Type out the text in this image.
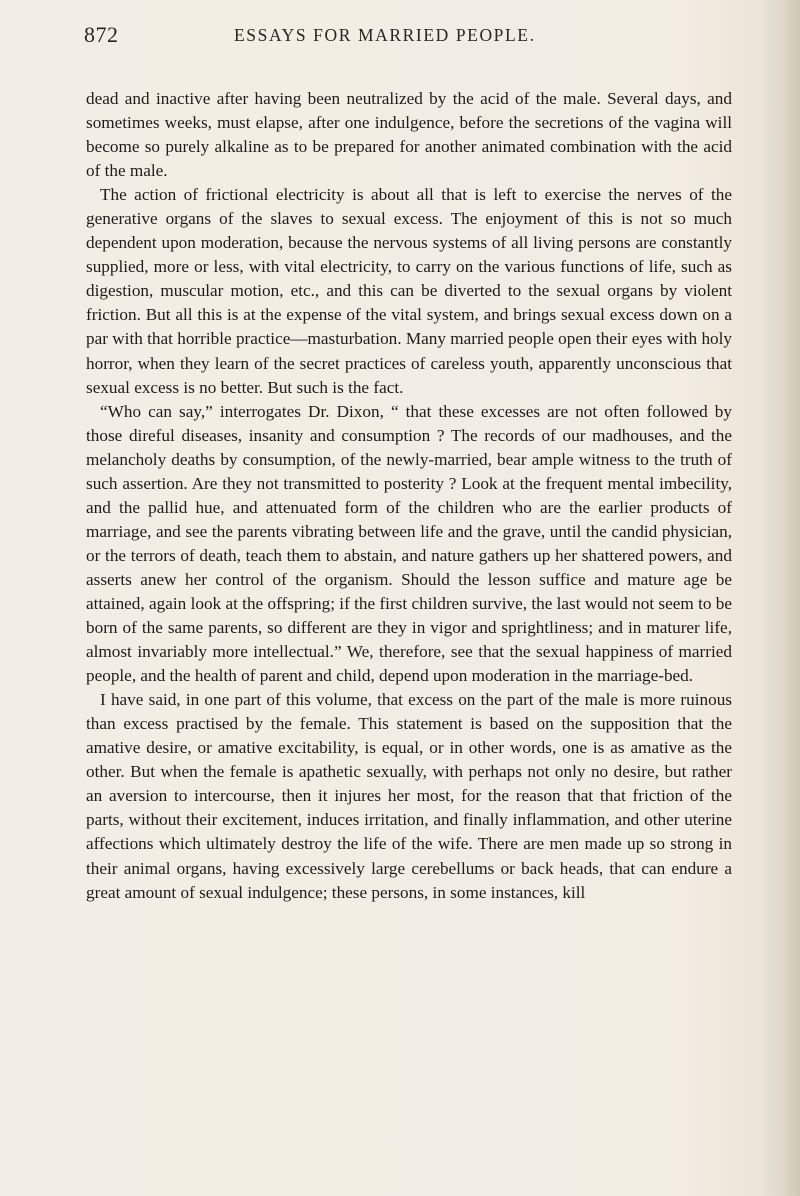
872	ESSAYS FOR MARRIED PEOPLE.

dead and inactive after having been neutralized by the acid of the male. Several days, and sometimes weeks, must elapse, after one indulgence, before the secretions of the vagina will become so purely alkaline as to be prepared for another animated combination with the acid of the male.

The action of frictional electricity is about all that is left to exercise the nerves of the generative organs of the slaves to sexual excess. The enjoyment of this is not so much dependent upon moderation, because the nervous systems of all living persons are constantly supplied, more or less, with vital electricity, to carry on the various functions of life, such as digestion, muscular motion, etc., and this can be diverted to the sexual organs by violent friction. But all this is at the expense of the vital system, and brings sexual excess down on a par with that horrible practice—masturbation. Many married people open their eyes with holy horror, when they learn of the secret practices of careless youth, apparently unconscious that sexual excess is no better. But such is the fact.

“Who can say,” interrogates Dr. Dixon, “ that these excesses are not often followed by those direful diseases, insanity and consumption ? The records of our madhouses, and the melancholy deaths by consumption, of the newly-married, bear ample witness to the truth of such assertion. Are they not transmitted to posterity ? Look at the frequent mental imbecility, and the pallid hue, and attenuated form of the children who are the earlier products of marriage, and see the parents vibrating between life and the grave, until the candid physician, or the terrors of death, teach them to abstain, and nature gathers up her shattered powers, and asserts anew her control of the organism. Should the lesson suffice and mature age be attained, again look at the offspring; if the first children survive, the last would not seem to be born of the same parents, so different are they in vigor and sprightliness; and in maturer life, almost invariably more intellectual.” We, therefore, see that the sexual happiness of married people, and the health of parent and child, depend upon moderation in the marriage-bed.

I have said, in one part of this volume, that excess on the part of the male is more ruinous than excess practised by the female. This statement is based on the supposition that the amative desire, or amative excitability, is equal, or in other words, one is as amative as the other. But when the female is apathetic sexually, with perhaps not only no desire, but rather an aversion to intercourse, then it injures her most, for the reason that that friction of the parts, without their excitement, induces irritation, and finally inflammation, and other uterine affections which ultimately destroy the life of the wife. There are men made up so strong in their animal organs, having excessively large cerebellums or back heads, that can endure a great amount of sexual indulgence; these persons, in some instances, kill
